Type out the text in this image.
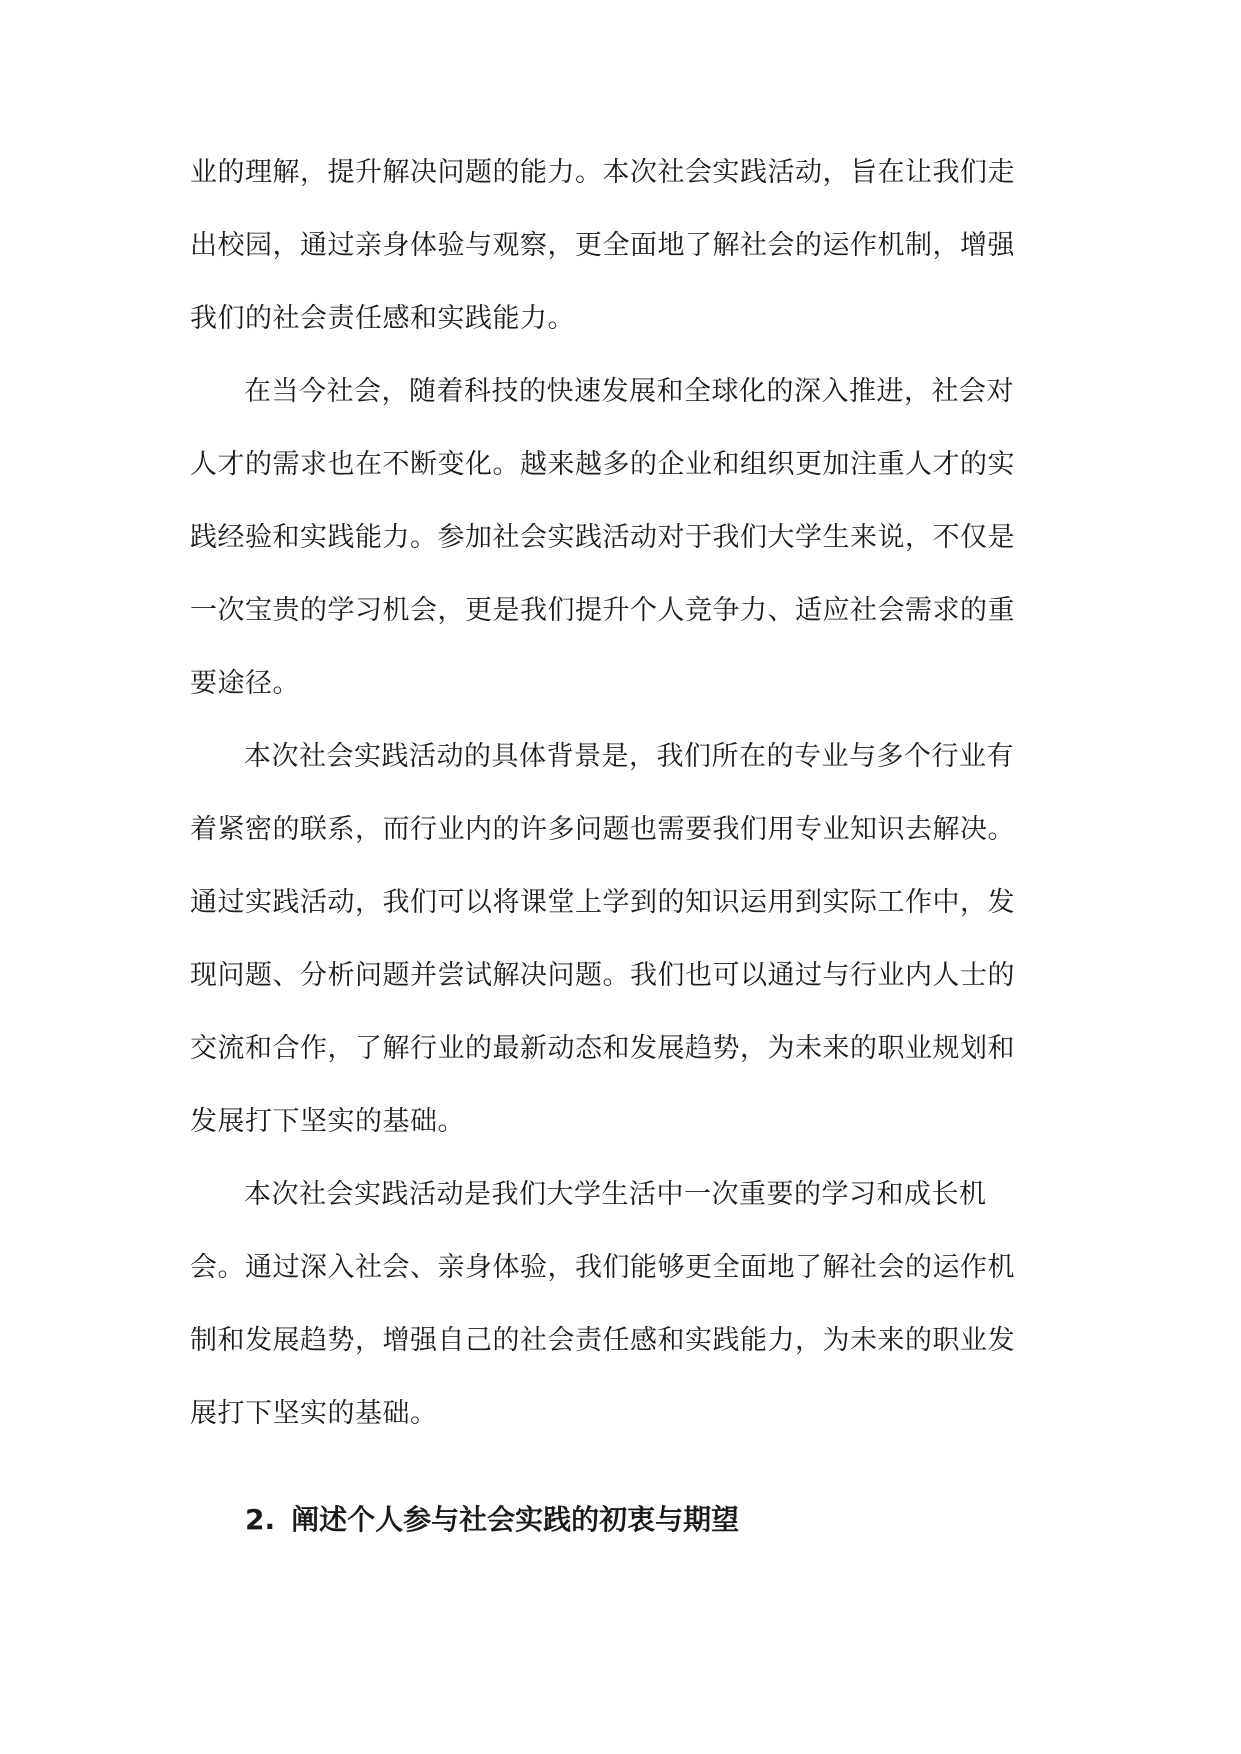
业的理解，提升解决问题的能力。本次社会实践活动，旨在让我们走
出校园，通过亲身体验与观察，更全面地了解社会的运作机制，增强
我们的社会责任感和实践能力。
在当今社会，随着科技的快速发展和全球化的深入推进，社会对
人才的需求也在不断变化。越来越多的企业和组织更加注重人才的实
践经验和实践能力。参加社会实践活动对于我们大学生来说，不仅是
一次宝贵的学习机会，更是我们提升个人竞争力、适应社会需求的重
要途径。
本次社会实践活动的具体背景是，我们所在的专业与多个行业有
着紧密的联系，而行业内的许多问题也需要我们用专业知识去解决。
通过实践活动，我们可以将课堂上学到的知识运用到实际工作中，发
现问题、分析问题并尝试解决问题。我们也可以通过与行业内人士的
交流和合作，了解行业的最新动态和发展趋势，为未来的职业规划和
发展打下坚实的基础。
本次社会实践活动是我们大学生活中一次重要的学习和成长机
会。通过深入社会、亲身体验，我们能够更全面地了解社会的运作机
制和发展趋势，增强自己的社会责任感和实践能力，为未来的职业发
展打下坚实的基础。
2. 阐述个人参与社会实践的初衷与期望
